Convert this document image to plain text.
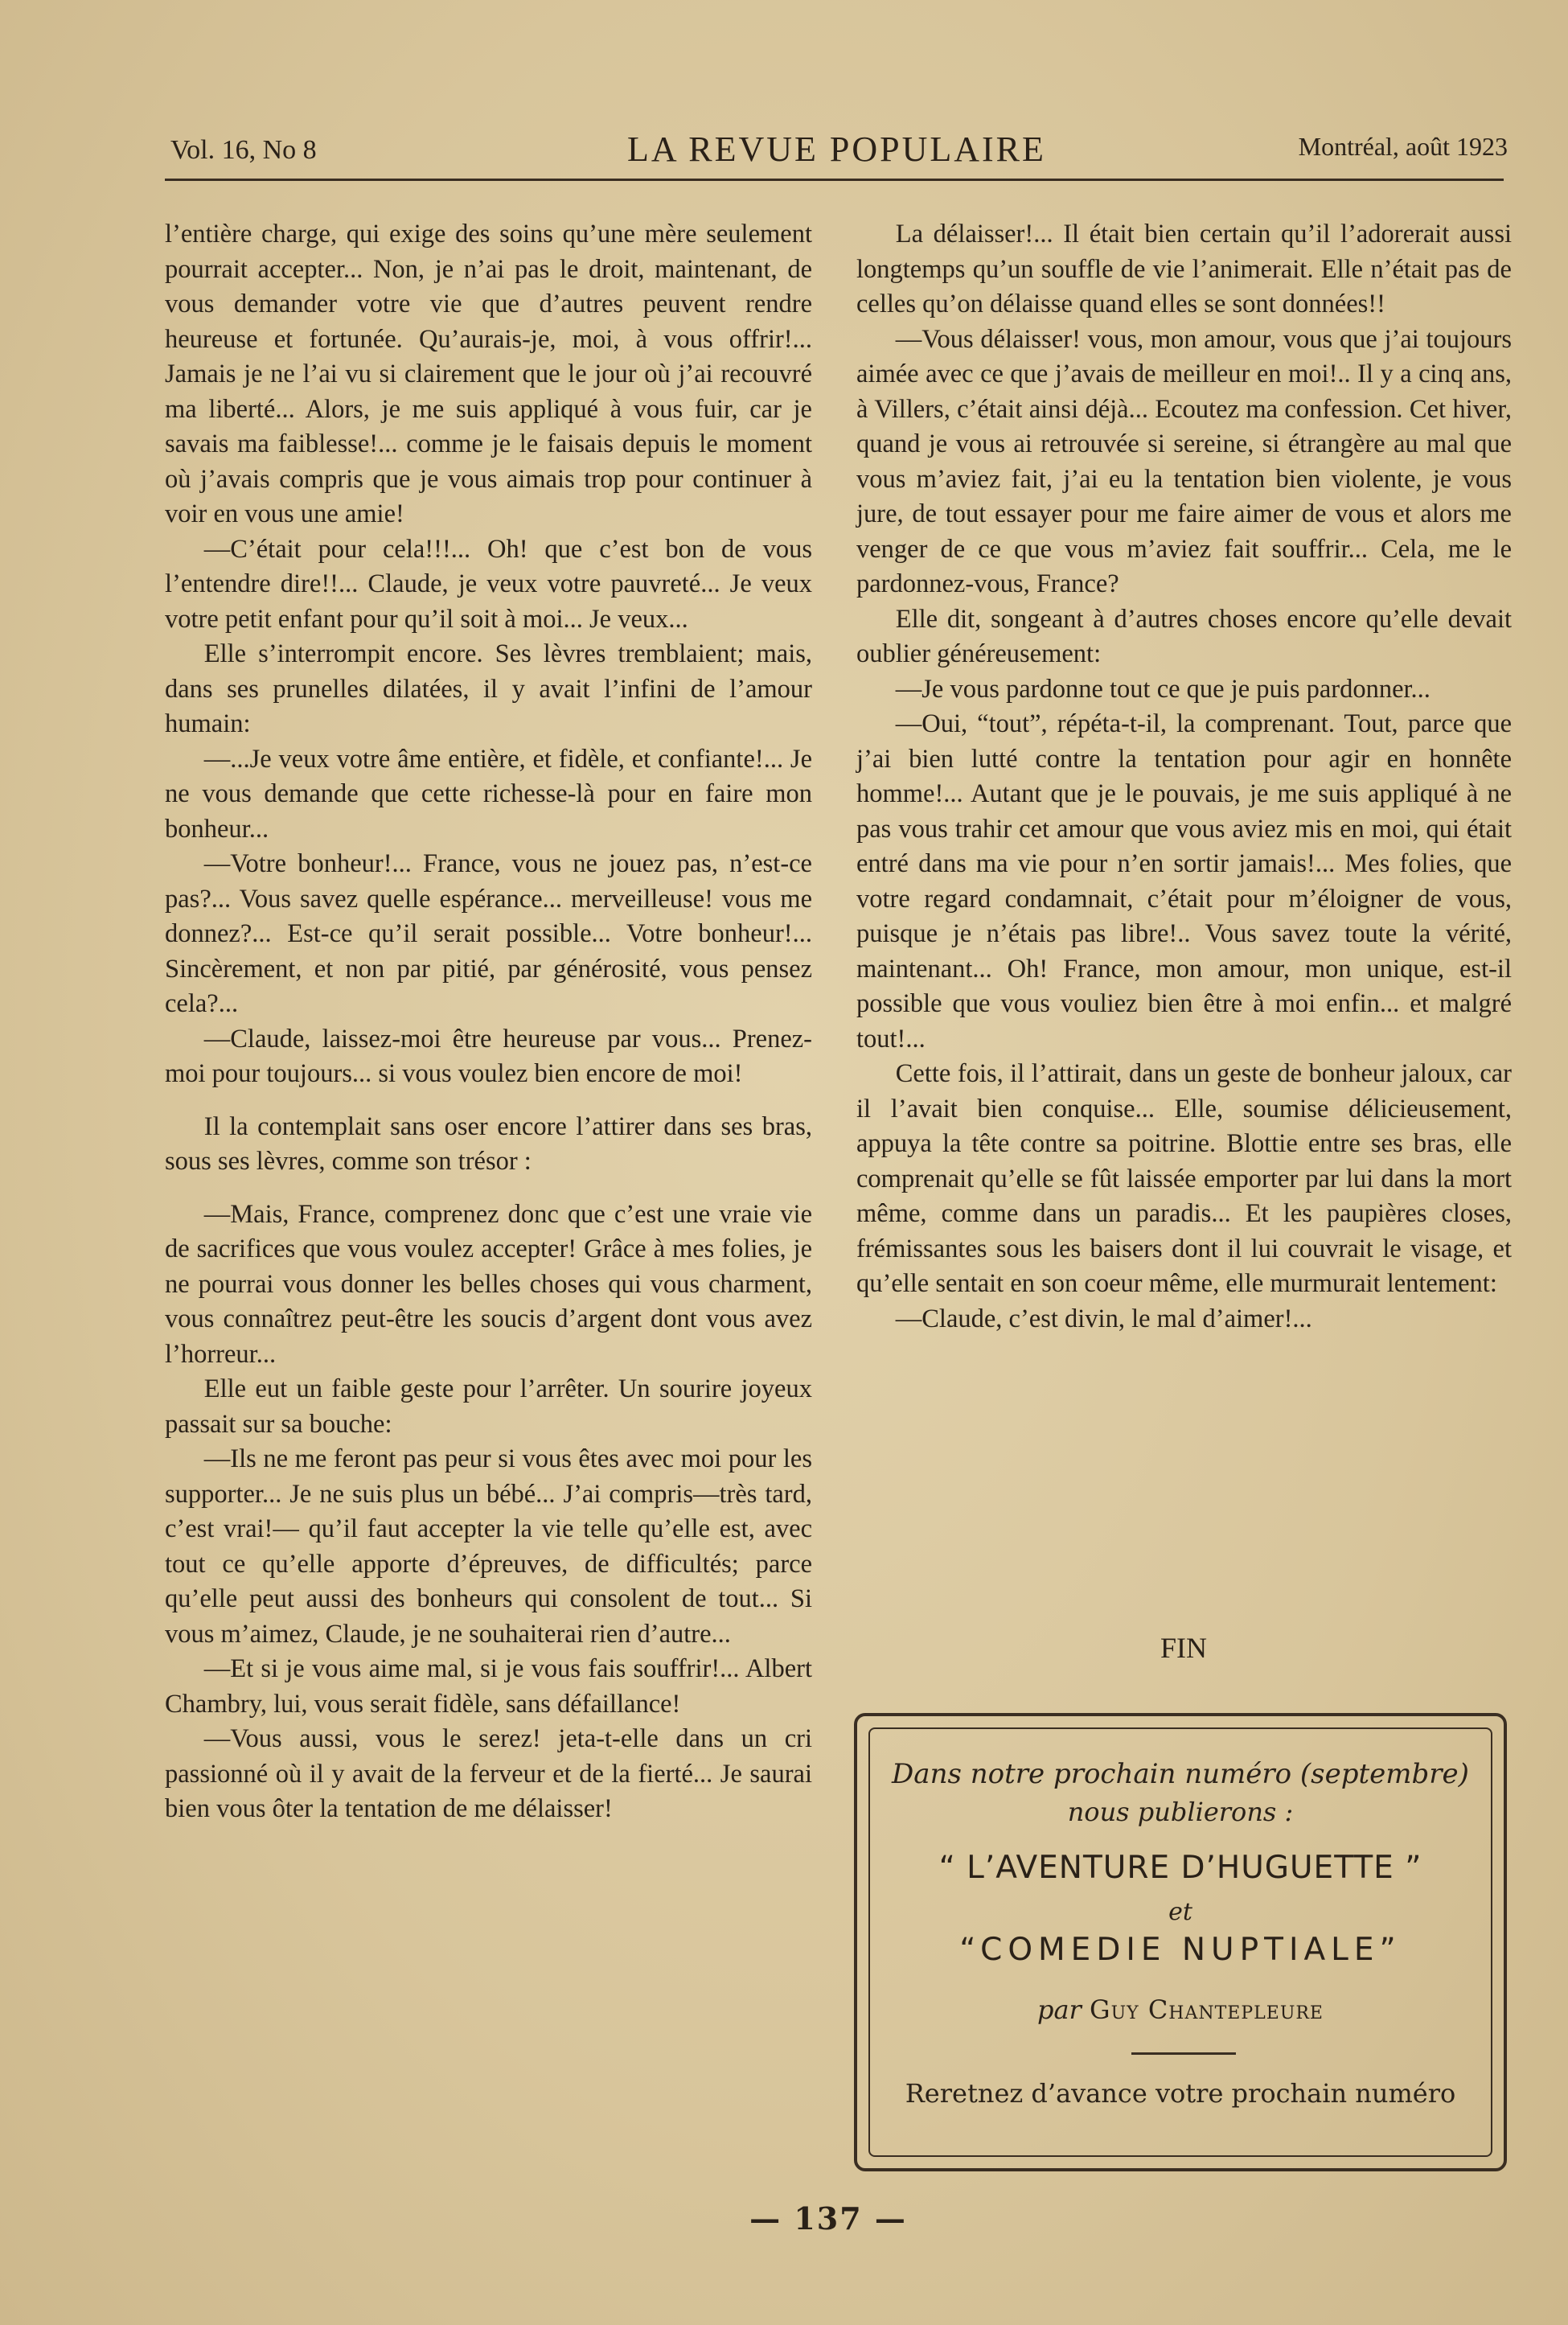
Vol. 16, No 8	LA REVUE POPULAIRE	Montréal, août 1923

l’entière charge, qui exige des soins qu’une mère seulement pourrait accepter... Non, je n’ai pas le droit, maintenant, de vous demander votre vie que d’autres peuvent rendre heureuse et fortunée. Qu’aurais-je, moi, à vous offrir!... Jamais je ne l’ai vu si clairement que le jour où j’ai recouvré ma liberté... Alors, je me suis appliqué à vous fuir, car je savais ma faiblesse!... comme je le faisais depuis le moment où j’avais compris que je vous aimais trop pour continuer à voir en vous une amie!

—C’était pour cela!!!... Oh! que c’est bon de vous l’entendre dire!!... Claude, je veux votre pauvreté... Je veux votre petit enfant pour qu’il soit à moi... Je veux...

Elle s’interrompit encore. Ses lèvres tremblaient; mais, dans ses prunelles dilatées, il y avait l’infini de l’amour humain:

—...Je veux votre âme entière, et fidèle, et confiante!... Je ne vous demande que cette richesse-là pour en faire mon bonheur...

—Votre bonheur!... France, vous ne jouez pas, n’est-ce pas?... Vous savez quelle espérance... merveilleuse! vous me donnez?... Est-ce qu’il serait possible... Votre bonheur!... Sincèrement, et non par pitié, par générosité, vous pensez cela?...

—Claude, laissez-moi être heureuse par vous... Prenez-moi pour toujours... si vous voulez bien encore de moi!

Il la contemplait sans oser encore l’attirer dans ses bras, sous ses lèvres, comme son trésor :

—Mais, France, comprenez donc que c’est une vraie vie de sacrifices que vous voulez accepter! Grâce à mes folies, je ne pourrai vous donner les belles choses qui vous charment, vous connaîtrez peut-être les soucis d’argent dont vous avez l’horreur...

Elle eut un faible geste pour l’arrêter. Un sourire joyeux passait sur sa bouche:

—Ils ne me feront pas peur si vous êtes avec moi pour les supporter... Je ne suis plus un bébé... J’ai compris—très tard, c’est vrai!— qu’il faut accepter la vie telle qu’elle est, avec tout ce qu’elle apporte d’épreuves, de difficultés; parce qu’elle peut aussi des bonheurs qui consolent de tout... Si vous m’aimez, Claude, je ne souhaiterai rien d’autre...

—Et si je vous aime mal, si je vous fais souffrir!... Albert Chambry, lui, vous serait fidèle, sans défaillance!

—Vous aussi, vous le serez! jeta-t-elle dans un cri passionné où il y avait de la ferveur et de la fierté... Je saurai bien vous ôter la tentation de me délaisser!

La délaisser!... Il était bien certain qu’il l’adorerait aussi longtemps qu’un souffle de vie l’animerait. Elle n’était pas de celles qu’on délaisse quand elles se sont données!!

—Vous délaisser! vous, mon amour, vous que j’ai toujours aimée avec ce que j’avais de meilleur en moi!.. Il y a cinq ans, à Villers, c’était ainsi déjà... Ecoutez ma confession. Cet hiver, quand je vous ai retrouvée si sereine, si étrangère au mal que vous m’aviez fait, j’ai eu la tentation bien violente, je vous jure, de tout essayer pour me faire aimer de vous et alors me venger de ce que vous m’aviez fait souffrir... Cela, me le pardonnez-vous, France?

Elle dit, songeant à d’autres choses encore qu’elle devait oublier généreusement:

—Je vous pardonne tout ce que je puis pardonner...

—Oui, “tout”, répéta-t-il, la comprenant. Tout, parce que j’ai bien lutté contre la tentation pour agir en honnête homme!... Autant que je le pouvais, je me suis appliqué à ne pas vous trahir cet amour que vous aviez mis en moi, qui était entré dans ma vie pour n’en sortir jamais!... Mes folies, que votre regard condamnait, c’était pour m’éloigner de vous, puisque je n’étais pas libre!.. Vous savez toute la vérité, maintenant... Oh! France, mon amour, mon unique, est-il possible que vous vouliez bien être à moi enfin... et malgré tout!...

Cette fois, il l’attirait, dans un geste de bonheur jaloux, car il l’avait bien conquise... Elle, soumise délicieusement, appuya la tête contre sa poitrine. Blottie entre ses bras, elle comprenait qu’elle se fût laissée emporter par lui dans la mort même, comme dans un paradis... Et les paupières closes, frémissantes sous les baisers dont il lui couvrait le visage, et qu’elle sentait en son coeur même, elle murmurait lentement:

—Claude, c’est divin, le mal d’aimer!...

FIN
Dans notre prochain numéro (septembre)
nous publierons :
“ L’AVENTURE D’HUGUETTE ”
et
“COMEDIE NUPTIALE”
par Guy Chantepleure
Reretnez d’avance votre prochain numéro
— 137 —
